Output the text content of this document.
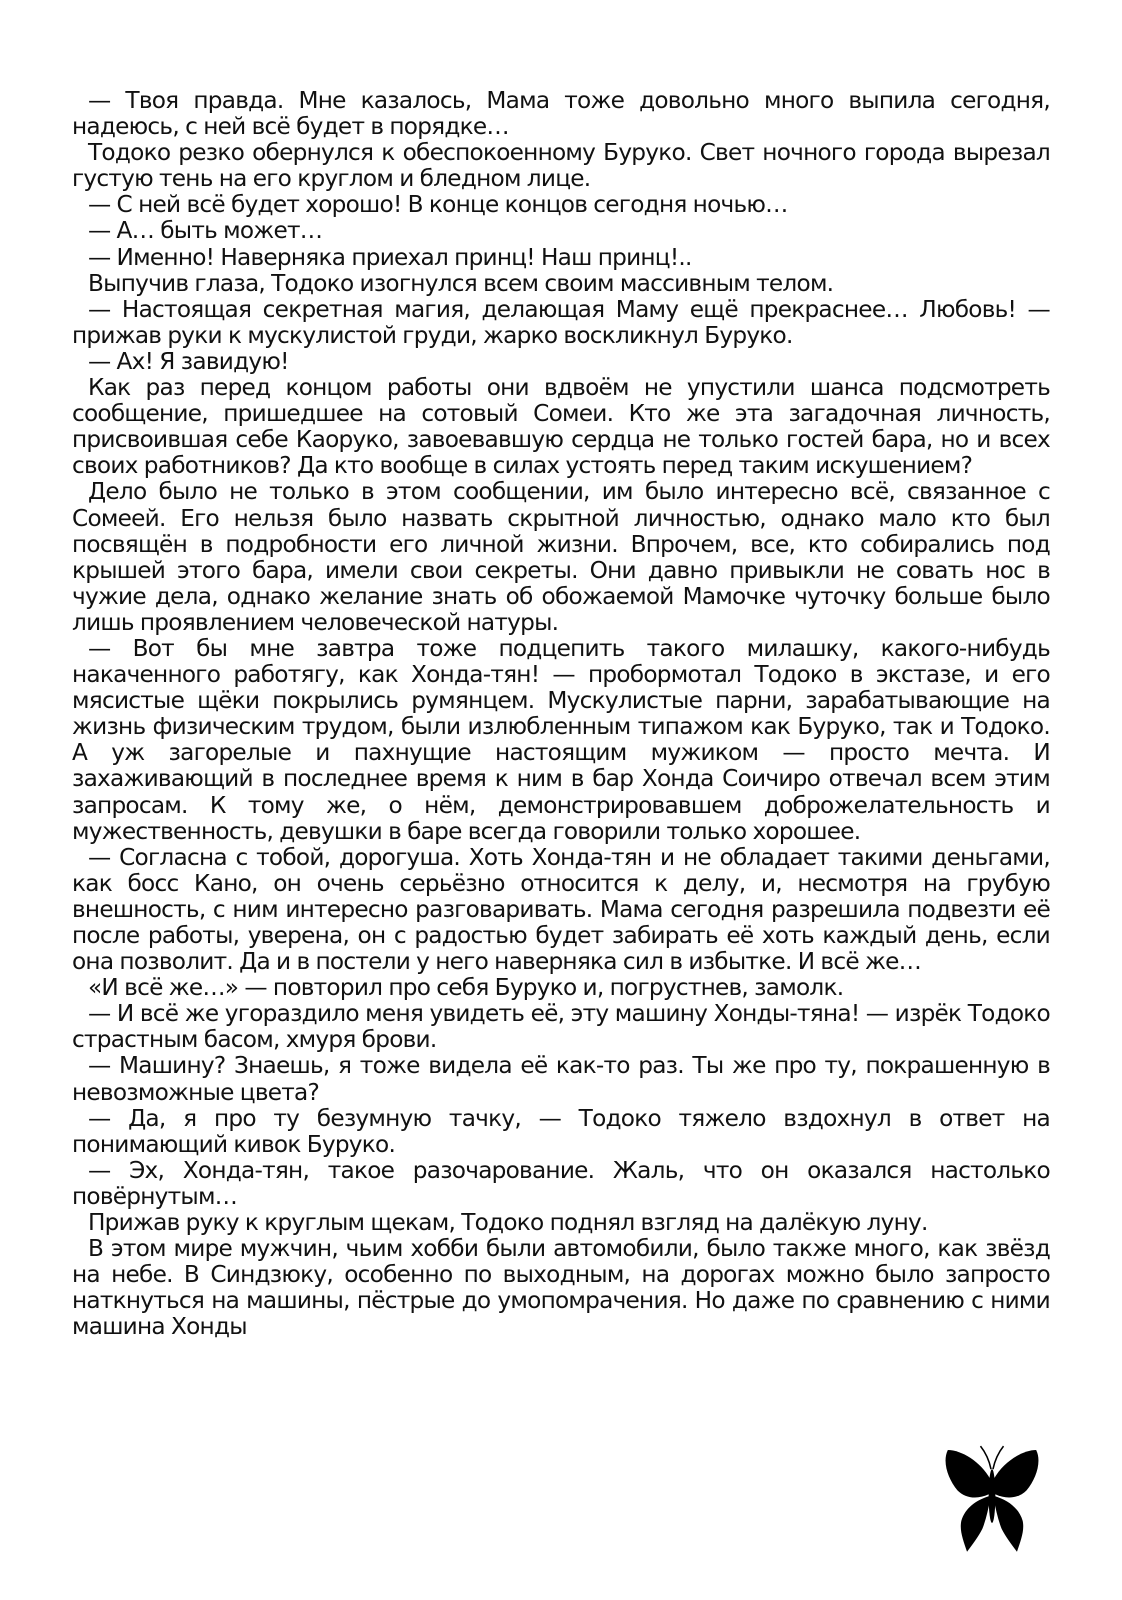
— Твоя правда. Мне казалось, Мама тоже довольно много выпила сегодня, надеюсь, с ней всё будет в порядке…

Тодоко резко обернулся к обеспокоенному Буруко. Свет ночного города вырезал густую тень на его круглом и бледном лице.

— С ней всё будет хорошо! В конце концов сегодня ночью…

— А… быть может…

— Именно! Наверняка приехал принц! Наш принц!..

Выпучив глаза, Тодоко изогнулся всем своим массивным телом.

— Настоящая секретная магия, делающая Маму ещё прекраснее… Любовь! — прижав руки к мускулистой груди, жарко воскликнул Буруко.

— Ах! Я завидую!

Как раз перед концом работы они вдвоём не упустили шанса подсмотреть сообщение, пришедшее на сотовый Сомеи. Кто же эта загадочная личность, присвоившая себе Каоруко, завоевавшую сердца не только гостей бара, но и всех своих работников? Да кто вообще в силах устоять перед таким искушением?

Дело было не только в этом сообщении, им было интересно всё, связанное с Сомеей. Его нельзя было назвать скрытной личностью, однако мало кто был посвящён в подробности его личной жизни. Впрочем, все, кто собирались под крышей этого бара, имели свои секреты. Они давно привыкли не совать нос в чужие дела, однако желание знать об обожаемой Мамочке чуточку больше было лишь проявлением человеческой натуры.

— Вот бы мне завтра тоже подцепить такого милашку, какого-нибудь накаченного работягу, как Хонда-тян! — пробормотал Тодоко в экстазе, и его мясистые щёки покрылись румянцем. Мускулистые парни, зарабатывающие на жизнь физическим трудом, были излюбленным типажом как Буруко, так и Тодоко. А уж загорелые и пахнущие настоящим мужиком — просто мечта. И захаживающий в последнее время к ним в бар Хонда Соичиро отвечал всем этим запросам. К тому же, о нём, демонстрировавшем доброжелательность и мужественность, девушки в баре всегда говорили только хорошее.

— Согласна с тобой, дорогуша. Хоть Хонда-тян и не обладает такими деньгами, как босс Кано, он очень серьёзно относится к делу, и, несмотря на грубую внешность, с ним интересно разговаривать. Мама сегодня разрешила подвезти её после работы, уверена, он с радостью будет забирать её хоть каждый день, если она позволит. Да и в постели у него наверняка сил в избытке. И всё же…

«И всё же…» — повторил про себя Буруко и, погрустнев, замолк.

— И всё же угораздило меня увидеть её, эту машину Хонды-тяна! — изрёк Тодоко страстным басом, хмуря брови.

— Машину? Знаешь, я тоже видела её как-то раз. Ты же про ту, покрашенную в невозможные цвета?

— Да, я про ту безумную тачку, — Тодоко тяжело вздохнул в ответ на понимающий кивок Буруко.

— Эх, Хонда-тян, такое разочарование. Жаль, что он оказался настолько повёрнутым…

Прижав руку к круглым щекам, Тодоко поднял взгляд на далёкую луну.

В этом мире мужчин, чьим хобби были автомобили, было также много, как звёзд на небе. В Синдзюку, особенно по выходным, на дорогах можно было запросто наткнуться на машины, пёстрые до умопомрачения. Но даже по сравнению с ними машина Хонды
